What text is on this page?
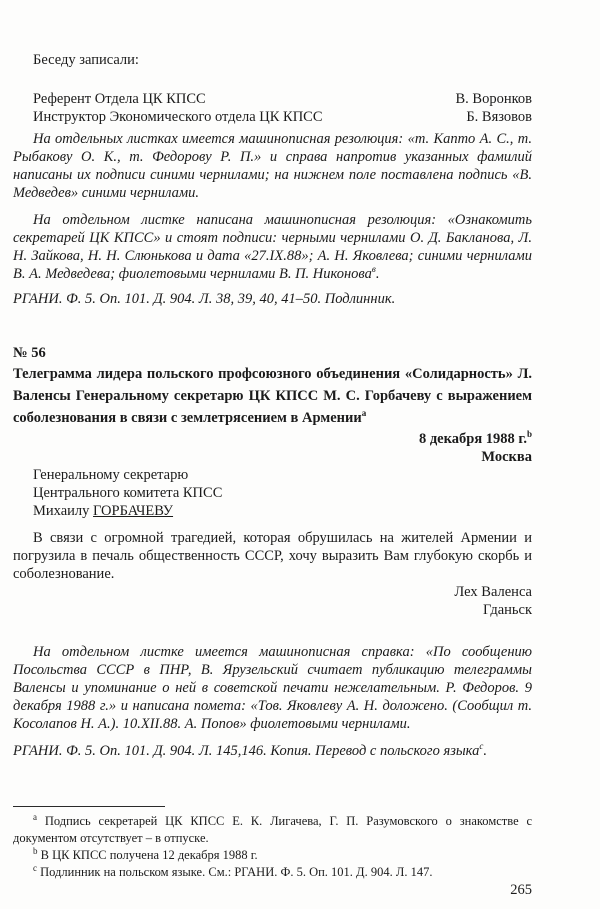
Беседу записали:

Референт Отдела ЦК КПСС	В. Воронков
Инструктор Экономического отдела ЦК КПСС	Б. Вязовов

На отдельных листках имеется машинописная резолюция: «т. Капто А. С., т. Рыбакову О. К., т. Федорову Р. П.» и справа напротив указанных фамилий написаны их подписи синими чернилами; на нижнем поле поставлена подпись «В. Медведев» синими чернилами.

На отдельном листке написана машинописная резолюция: «Ознакомить секретарей ЦК КПСС» и стоят подписи: черными чернилами О. Д. Бакланова, Л. Н. Зайкова, Н. Н. Слюнькова и дата «27.IX.88»; А. Н. Яковлева; синими чернилами В. А. Медведева; фиолетовыми чернилами В. П. Никонова$^в$.

РГАНИ. Ф. 5. Оп. 101. Д. 904. Л. 38, 39, 40, 41–50. Подлинник.

№ 56

Телеграмма лидера польского профсоюзного объединения «Солидарность» Л. Валенсы Генеральному секретарю ЦК КПСС М. С. Горбачеву с выражением соболезнования в связи с землетрясением в Армении$^а$

8 декабря 1988 г.$^b$

Москва

Генеральному секретарю

Центрального комитета КПСС

Михаилу ГОРБАЧЕВУ

В связи с огромной трагедией, которая обрушилась на жителей Армении и погрузила в печаль общественность СССР, хочу выразить Вам глубокую скорбь и соболезнование.

Лех Валенса

Гданьск

На отдельном листке имеется машинописная справка: «По сообщению Посольства СССР в ПНР, В. Ярузельский считает публикацию телеграммы Валенсы и упоминание о ней в советской печати нежелательным. Р. Федоров. 9 декабря 1988 г.» и написана помета: «Тов. Яковлеву А. Н. доложено. (Сообщил т. Косолапов Н. А.). 10.XII.88. А. Попов» фиолетовыми чернилами.

РГАНИ. Ф. 5. Оп. 101. Д. 904. Л. 145,146. Копия. Перевод с польского языка$^с$.

$^а$ Подпись секретарей ЦК КПСС Е. К. Лигачева, Г. П. Разумовского о знакомстве с документом отсутствует – в отпуске.

$^b$ В ЦК КПСС получена 12 декабря 1988 г.

$^с$ Подлинник на польском языке. См.: РГАНИ. Ф. 5. Оп. 101. Д. 904. Л. 147.

265
